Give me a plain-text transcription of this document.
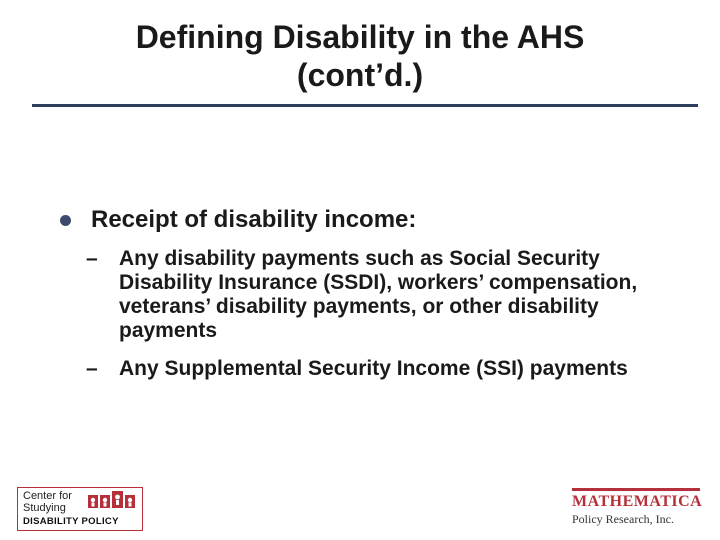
Defining Disability in the AHS
(cont’d.)
Receipt of disability income:
–	Any disability payments such as Social Security Disability Insurance (SSDI), workers’ compensation, veterans’ disability payments, or other disability payments
–	Any Supplemental Security Income (SSI) payments
Center for
Studying
DISABILITY POLICY
MATHEMATICA
Policy Research, Inc.
